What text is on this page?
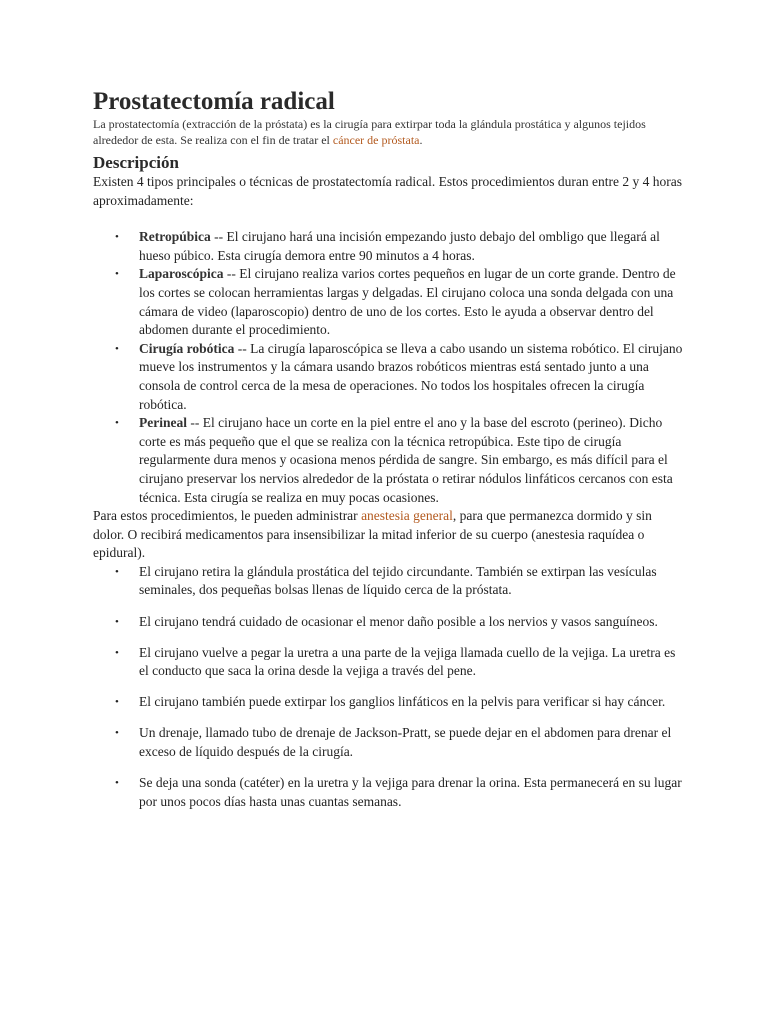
Prostatectomía radical

La prostatectomía (extracción de la próstata) es la cirugía para extirpar toda la glándula prostática y algunos tejidos alrededor de esta. Se realiza con el fin de tratar el cáncer de próstata.

Descripción

Existen 4 tipos principales o técnicas de prostatectomía radical. Estos procedimientos duran entre 2 y 4 horas aproximadamente:

• Retropúbica -- El cirujano hará una incisión empezando justo debajo del ombligo que llegará al hueso púbico. Esta cirugía demora entre 90 minutos a 4 horas.
• Laparoscópica -- El cirujano realiza varios cortes pequeños en lugar de un corte grande. Dentro de los cortes se colocan herramientas largas y delgadas. El cirujano coloca una sonda delgada con una cámara de video (laparoscopio) dentro de uno de los cortes. Esto le ayuda a observar dentro del abdomen durante el procedimiento.
• Cirugía robótica -- La cirugía laparoscópica se lleva a cabo usando un sistema robótico. El cirujano mueve los instrumentos y la cámara usando brazos robóticos mientras está sentado junto a una consola de control cerca de la mesa de operaciones. No todos los hospitales ofrecen la cirugía robótica.
• Perineal -- El cirujano hace un corte en la piel entre el ano y la base del escroto (perineo). Dicho corte es más pequeño que el que se realiza con la técnica retropúbica. Este tipo de cirugía regularmente dura menos y ocasiona menos pérdida de sangre. Sin embargo, es más difícil para el cirujano preservar los nervios alrededor de la próstata o retirar nódulos linfáticos cercanos con esta técnica. Esta cirugía se realiza en muy pocas ocasiones.

Para estos procedimientos, le pueden administrar anestesia general, para que permanezca dormido y sin dolor. O recibirá medicamentos para insensibilizar la mitad inferior de su cuerpo (anestesia raquídea o epidural).

• El cirujano retira la glándula prostática del tejido circundante. También se extirpan las vesículas seminales, dos pequeñas bolsas llenas de líquido cerca de la próstata.
• El cirujano tendrá cuidado de ocasionar el menor daño posible a los nervios y vasos sanguíneos.
• El cirujano vuelve a pegar la uretra a una parte de la vejiga llamada cuello de la vejiga. La uretra es el conducto que saca la orina desde la vejiga a través del pene.
• El cirujano también puede extirpar los ganglios linfáticos en la pelvis para verificar si hay cáncer.
• Un drenaje, llamado tubo de drenaje de Jackson-Pratt, se puede dejar en el abdomen para drenar el exceso de líquido después de la cirugía.
• Se deja una sonda (catéter) en la uretra y la vejiga para drenar la orina. Esta permanecerá en su lugar por unos pocos días hasta unas cuantas semanas.
